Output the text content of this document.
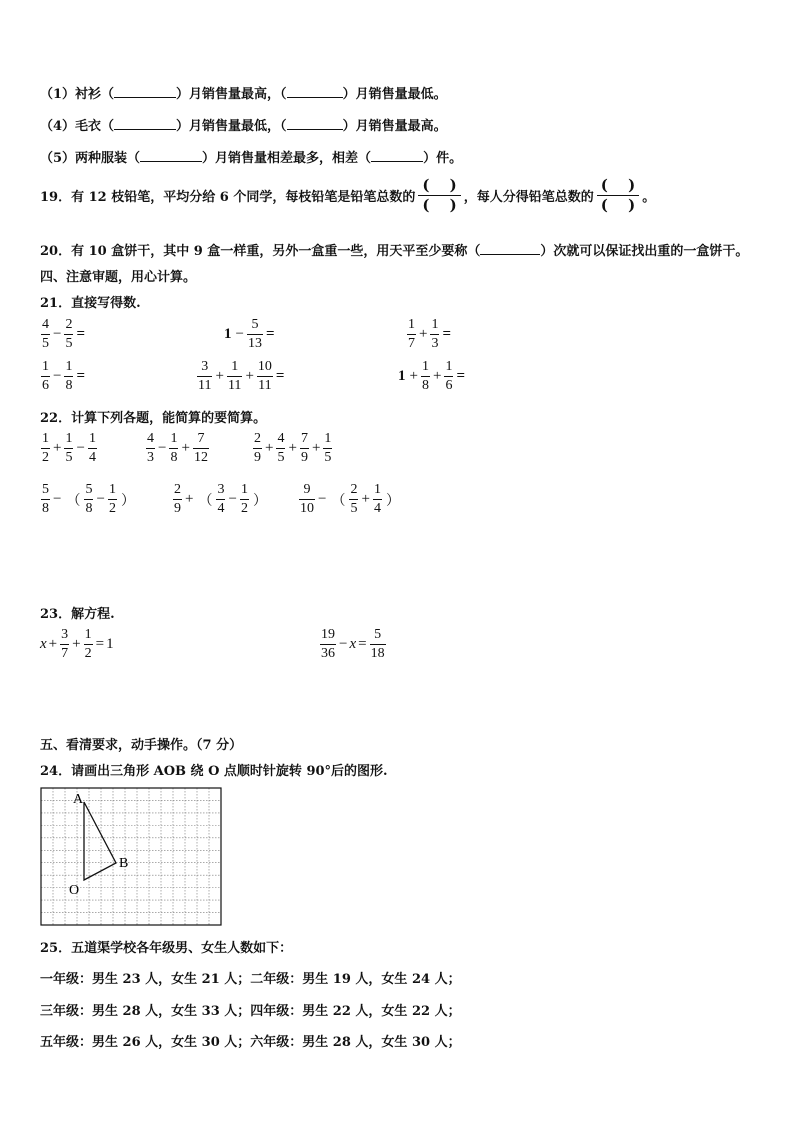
（1）衬衫（	）月销售量最高，（	）月销售量最低。
（4）毛衣（	）月销售量最低，（	）月销售量最高。
（5）两种服装（	）月销售量相差最多，相差（	）件。
19．有 12 枝铅笔，平均分给 6 个同学，每枝铅笔是铅笔总数的
(　 )
(　 ) ，每人分得铅笔总数的
(　 )
(　 ) 。
20．有 10 盒饼干，其中 9 盒一样重，另外一盒重一些，用天平至少要称（	）次就可以保证找出重的一盒饼干。
四、注意审题，用心计算。
21．直接写得数.
$\frac{4}{5} - \frac{2}{5}$ =	$1 - \frac{5}{13}$ =	$\frac{1}{7} + \frac{1}{3}$ =
$\frac{1}{6} - \frac{1}{8}$ =	$\frac{3}{11} + \frac{1}{11} + \frac{10}{11}$ =	$1 + \frac{1}{8} + \frac{1}{6}$ =
22．计算下列各题，能简算的要简算。
$\frac{1}{2} + \frac{1}{5} - \frac{1}{4}$	$\frac{4}{3} - \frac{1}{8} + \frac{7}{12}$	$\frac{2}{9} + \frac{4}{5} + \frac{7}{9} + \frac{1}{5}$
$\frac{5}{8}$ − （ $\frac{5}{8} - \frac{1}{2}$ ）	$\frac{2}{9}$ + （ $\frac{3}{4} - \frac{1}{2}$ ） $\frac{9}{10}$ − （ $\frac{2}{5} + \frac{1}{4}$ ）
23．解方程.
$x + \frac{3}{7} + \frac{1}{2} = 1$	$\frac{19}{36} - x = \frac{5}{18}$
五、看清要求，动手操作。（7 分）
24．请画出三角形 AOB 绕 O 点顺时针旋转 90°后的图形.
A
B
O
25．五道渠学校各年级男、女生人数如下：
一年级：男生 23 人，女生 21 人；二年级：男生 19 人，女生 24 人；
三年级：男生 28 人，女生 33 人；四年级：男生 22 人，女生 22 人；
五年级：男生 26 人，女生 30 人；六年级：男生 28 人，女生 30 人；
